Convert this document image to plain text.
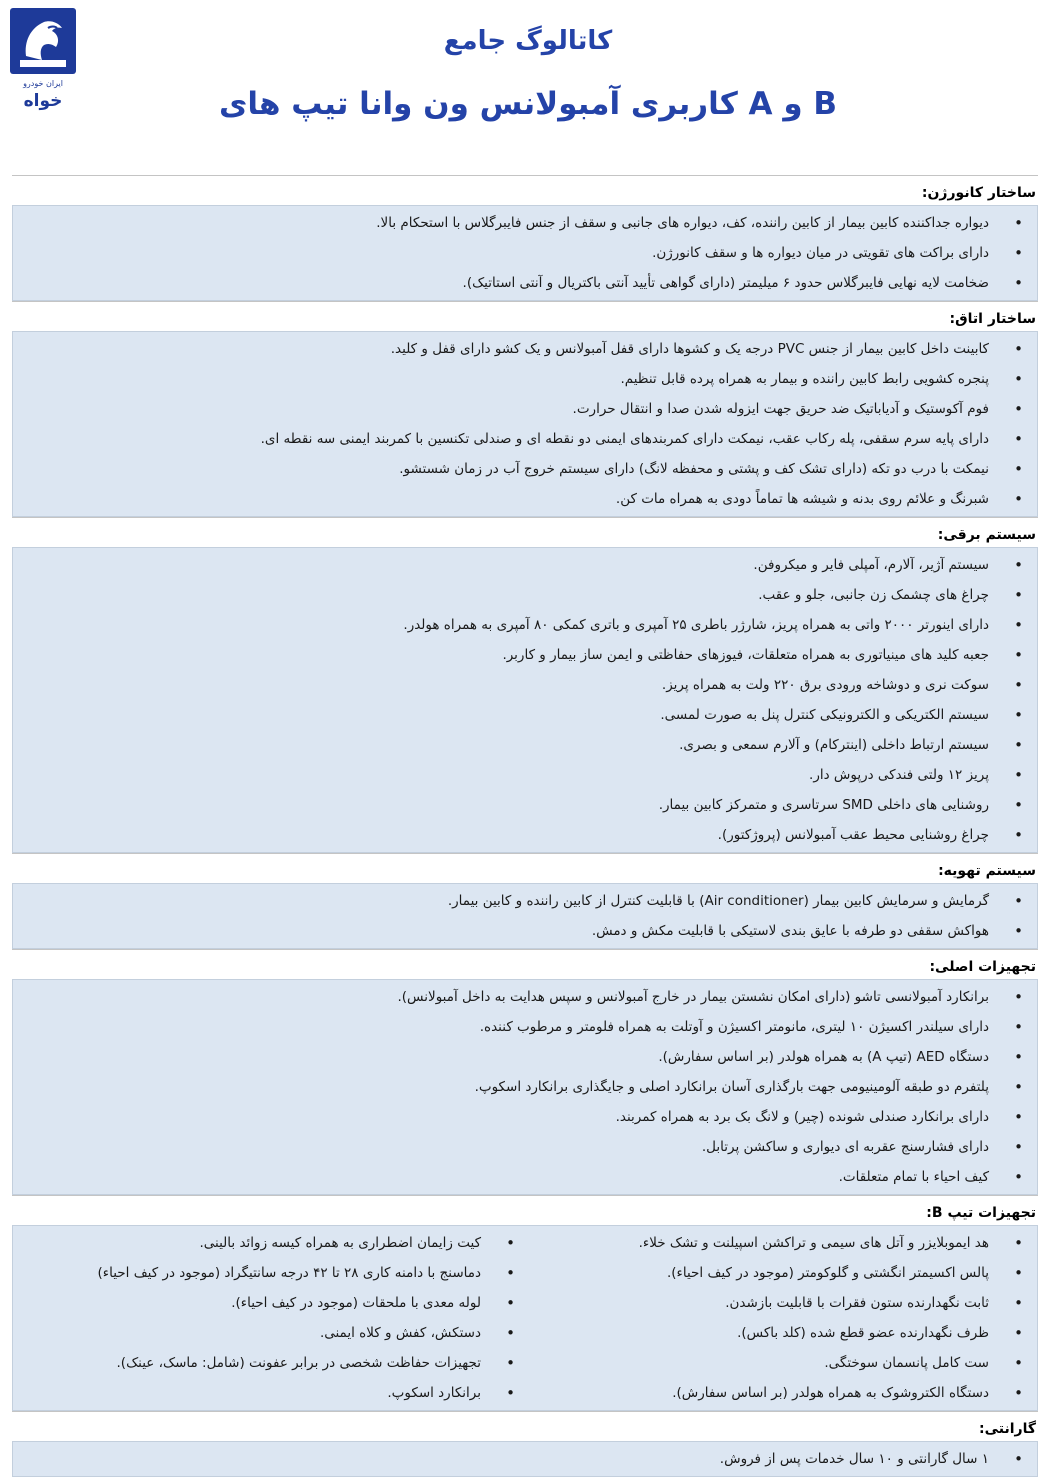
ایران خودرو
خواه
کاتالوگ جامع
کاربری آمبولانس ون وانا تیپ های A و B
ساختار کانورژن:
• دیواره جداکننده کابین بیمار از کابین راننده، کف، دیواره های جانبی و سقف از جنس فایبرگلاس با استحکام بالا.
• دارای براکت های تقویتی در میان دیواره ها و سقف کانورژن.
• ضخامت لایه نهایی فایبرگلاس حدود ۶ میلیمتر (دارای گواهی تأیید آنتی باکتریال و آنتی استاتیک).
ساختار اتاق:
• کابینت داخل کابین بیمار از جنس PVC درجه یک و کشوها دارای قفل آمبولانس و یک کشو دارای قفل و کلید.
• پنجره کشویی رابط کابین راننده و بیمار به همراه پرده قابل تنظیم.
• فوم آکوستیک و آدیاباتیک ضد حریق جهت ایزوله شدن صدا و انتقال حرارت.
• دارای پایه سرم سقفی، پله رکاب عقب، نیمکت دارای کمربندهای ایمنی دو نقطه ای و صندلی تکنسین با کمربند ایمنی سه نقطه ای.
• نیمکت با درب دو تکه (دارای تشک کف و پشتی و محفظه لانگ) دارای سیستم خروج آب در زمان شستشو.
• شبرنگ و علائم روی بدنه و شیشه ها تماماً دودی به همراه مات کن.
سیستم برقی:
• سیستم آژیر، آلارم، آمپلی فایر و میکروفن.
• چراغ های چشمک زن جانبی، جلو و عقب.
• دارای اینورتر ۲۰۰۰ واتی به همراه پریز، شارژر باطری ۲۵ آمپری و باتری کمکی ۸۰ آمپری به همراه هولدر.
• جعبه کلید های مینیاتوری به همراه متعلقات، فیوزهای حفاظتی و ایمن ساز بیمار و کاربر.
• سوکت نری و دوشاخه ورودی برق ۲۲۰ ولت به همراه پریز.
• سیستم الکتریکی و الکترونیکی کنترل پنل به صورت لمسی.
• سیستم ارتباط داخلی (اینترکام) و آلارم سمعی و بصری.
• پریز ۱۲ ولتی فندکی درپوش دار.
• روشنایی های داخلی SMD سرتاسری و متمرکز کابین بیمار.
• چراغ روشنایی محیط عقب آمبولانس (پروژکتور).
سیستم تهویه:
• گرمایش و سرمایش کابین بیمار (Air conditioner) با قابلیت کنترل از کابین راننده و کابین بیمار.
• هواکش سقفی دو طرفه با عایق بندی لاستیکی با قابلیت مکش و دمش.
تجهیزات اصلی:
• برانکارد آمبولانسی تاشو (دارای امکان نشستن بیمار در خارج آمبولانس و سپس هدایت به داخل آمبولانس).
• دارای سیلندر اکسیژن ۱۰ لیتری، مانومتر اکسیژن و آوتلت به همراه فلومتر و مرطوب کننده.
• دستگاه AED (تیپ A) به همراه هولدر (بر اساس سفارش).
• پلتفرم دو طبقه آلومینیومی جهت بارگذاری آسان برانکارد اصلی و جایگذاری برانکارد اسکوپ.
• دارای برانکارد صندلی شونده (چیر) و لانگ بک برد به همراه کمربند.
• دارای فشارسنج عقربه ای دیواری و ساکشن پرتابل.
• کیف احیاء با تمام متعلقات.
تجهیزات تیپ B:
• هد ایموبلایزر و آتل های سیمی و تراکشن اسپیلنت و تشک خلاء.
• پالس اکسیمتر انگشتی و گلوکومتر (موجود در کیف احیاء).
• ثابت نگهدارنده ستون فقرات با قابلیت بازشدن.
• ظرف نگهدارنده عضو قطع شده (کلد باکس).
• ست کامل پانسمان سوختگی.
• دستگاه الکتروشوک به همراه هولدر (بر اساس سفارش).
• کیت زایمان اضطراری به همراه کیسه زوائد بالینی.
• دماسنج با دامنه کاری ۲۸ تا ۴۲ درجه سانتیگراد (موجود در کیف احیاء)
• لوله معدی با ملحقات (موجود در کیف احیاء).
• دستکش، کفش و کلاه ایمنی.
• تجهیزات حفاظت شخصی در برابر عفونت (شامل: ماسک، عینک).
• برانکارد اسکوپ.
گارانتی:
• ۱ سال گارانتی و ۱۰ سال خدمات پس از فروش.
